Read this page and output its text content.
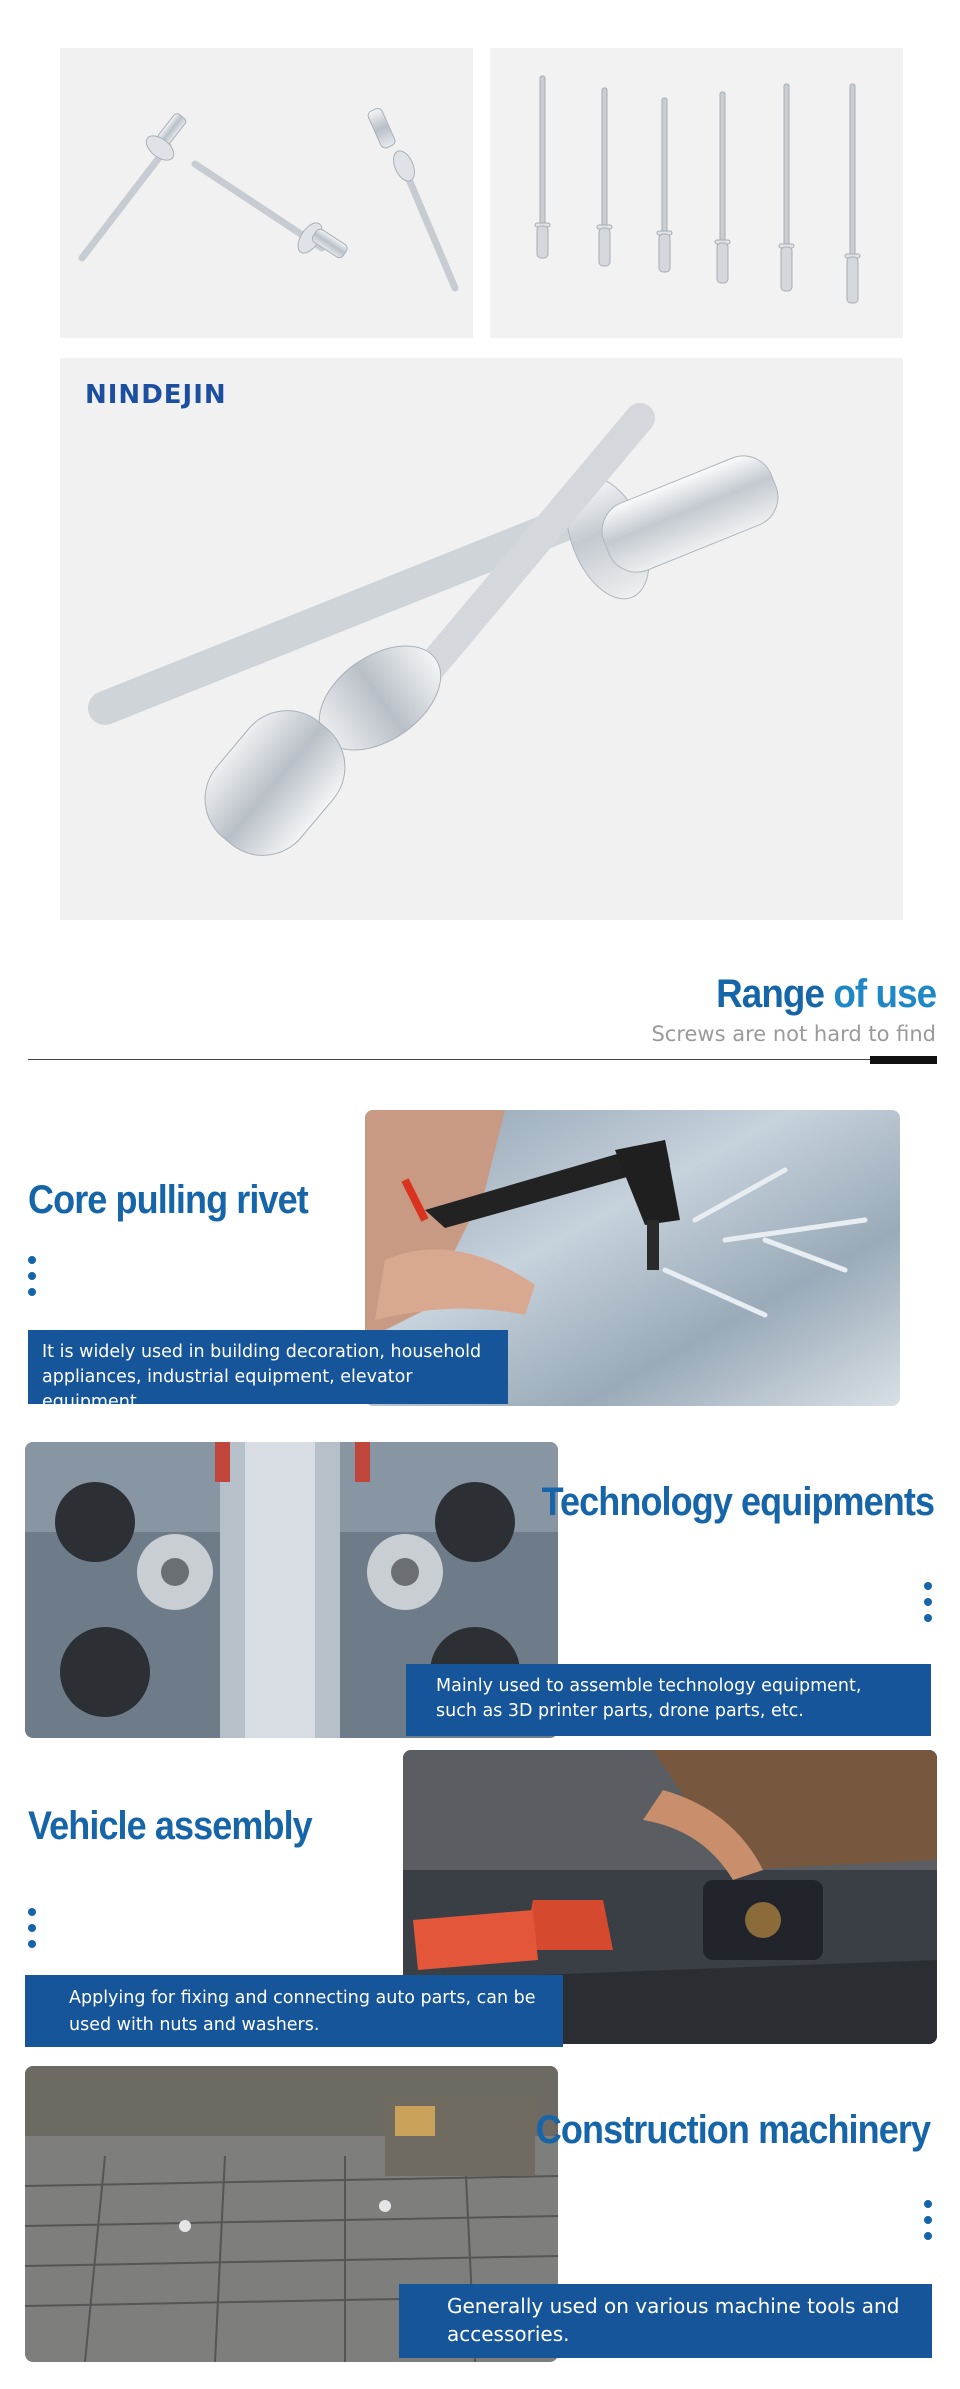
NINDEJIN
Range of use
Screws are not hard to find
Core pulling rivet
It is widely used in building decoration, household appliances, industrial equipment, elevator equipment
Technology equipments
Mainly used to assemble technology equipment, such as 3D printer parts, drone parts, etc.
Vehicle assembly
Applying for fixing and connecting auto parts, can be used with nuts and washers.
Construction machinery
Generally used on various machine tools and accessories.
